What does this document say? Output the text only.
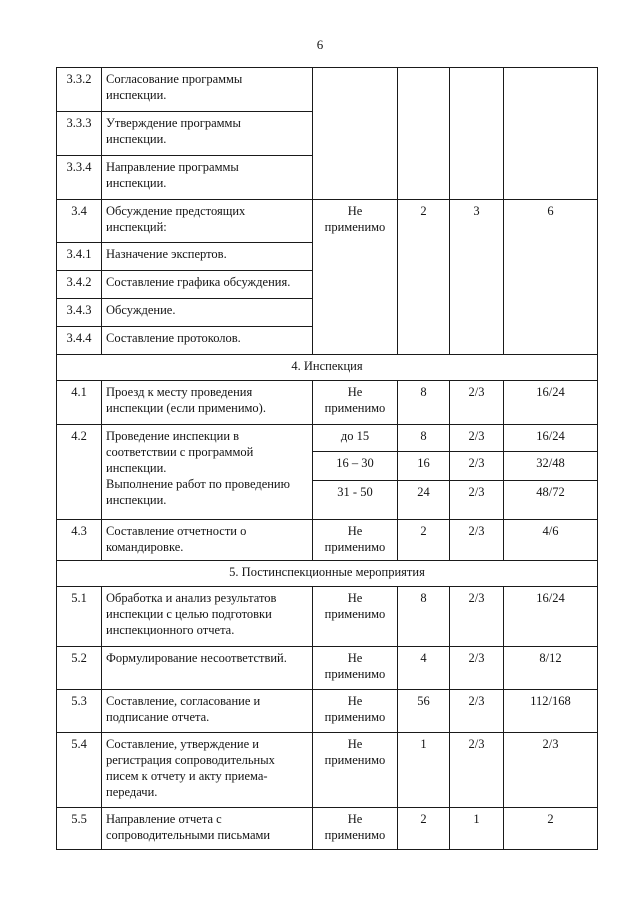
6
3.3.2	Согласование программы
инспекции.				

3.3.3	Утверждение программы
инспекции.				

3.3.4	Направление программы
инспекции.				

3.4	Обсуждение предстоящих
инспекций:	Не
применимо	2	3	6
3.4.1	Назначение экспертов.				

3.4.2	Составление графика обсуждения.				

3.4.3	Обсуждение.				

3.4.4	Составление протоколов.				

4. Инспекция					
4.1	Проезд к месту проведения
инспекции (если применимо).	Не
применимо	8	2/3	16/24
4.2	Проведение инспекции в
соответствии с программой
инспекции.
Выполнение работ по проведению
инспекции.	до 15	8	2/3	16/24
		16 – 30	16	2/3	32/48
		31 - 50	24	2/3	48/72
4.3	Составление отчетности о
командировке.	Не
применимо	2	2/3	4/6
5. Постинспекционные мероприятия					
5.1	Обработка и анализ результатов
инспекции с целью подготовки
инспекционного отчета.	Не
применимо	8	2/3	16/24
5.2	Формулирование несоответствий.	Не
применимо	4	2/3	8/12
5.3	Составление, согласование и
подписание отчета.	Не
применимо	56	2/3	112/168
5.4	Составление, утверждение и
регистрация сопроводительных
писем к отчету и акту приема-
передачи.	Не
применимо	1	2/3	2/3
5.5	Направление отчета с
сопроводительными письмами	Не
применимо	2	1	2
